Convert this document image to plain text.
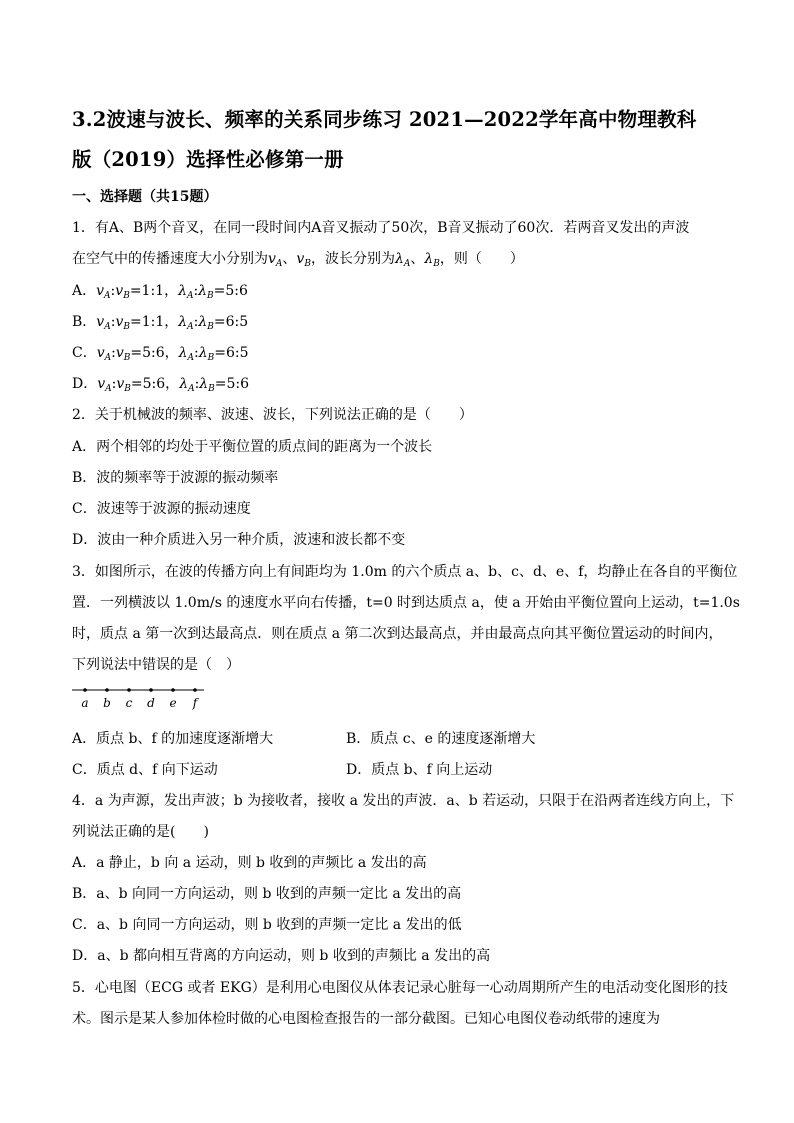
3.2波速与波长、频率的关系同步练习 2021—2022学年高中物理教科
版（2019）选择性必修第一册
一、选择题（共15题）
1．有A、B两个音叉，在同一段时间内A音叉振动了50次，B音叉振动了60次．若两音叉发出的声波
在空气中的传播速度大小分别为$v_A$、$v_B$，波长分别为$\lambda_A$、$\lambda_B$，则（　　）
A．$v_A:v_B=1:1$，$\lambda_A:\lambda_B=5:6$
B．$v_A:v_B=1:1$，$\lambda_A:\lambda_B=6:5$
C．$v_A:v_B=5:6$，$\lambda_A:\lambda_B=6:5$
D．$v_A:v_B=5:6$，$\lambda_A:\lambda_B=5:6$
2．关于机械波的频率、波速、波长，下列说法正确的是（　　）
A．两个相邻的均处于平衡位置的质点间的距离为一个波长
B．波的频率等于波源的振动频率
C．波速等于波源的振动速度
D．波由一种介质进入另一种介质，波速和波长都不变
3．如图所示，在波的传播方向上有间距均为 1.0m 的六个质点 a、b、c、d、e、f，均静止在各自的平衡位
置．一列横波以 1.0m/s 的速度水平向右传播，t=0 时到达质点 a，使 a 开始由平衡位置向上运动，t=1.0s
时，质点 a 第一次到达最高点．则在质点 a 第二次到达最高点，并由最高点向其平衡位置运动的时间内，
下列说法中错误的是（　）
a b c d e f
A．质点 b、f 的加速度逐渐增大	B．质点 c、e 的速度逐渐增大
C．质点 d、f 向下运动	D．质点 b、f 向上运动
4．a 为声源，发出声波；b 为接收者，接收 a 发出的声波．a、b 若运动，只限于在沿两者连线方向上，下
列说法正确的是(　　)
A．a 静止，b 向 a 运动，则 b 收到的声频比 a 发出的高
B．a、b 向同一方向运动，则 b 收到的声频一定比 a 发出的高
C．a、b 向同一方向运动，则 b 收到的声频一定比 a 发出的低
D．a、b 都向相互背离的方向运动，则 b 收到的声频比 a 发出的高
5．心电图（ECG 或者 EKG）是利用心电图仪从体表记录心脏每一心动周期所产生的电活动变化图形的技
术。图示是某人参加体检时做的心电图检查报告的一部分截图。已知心电图仪卷动纸带的速度为
